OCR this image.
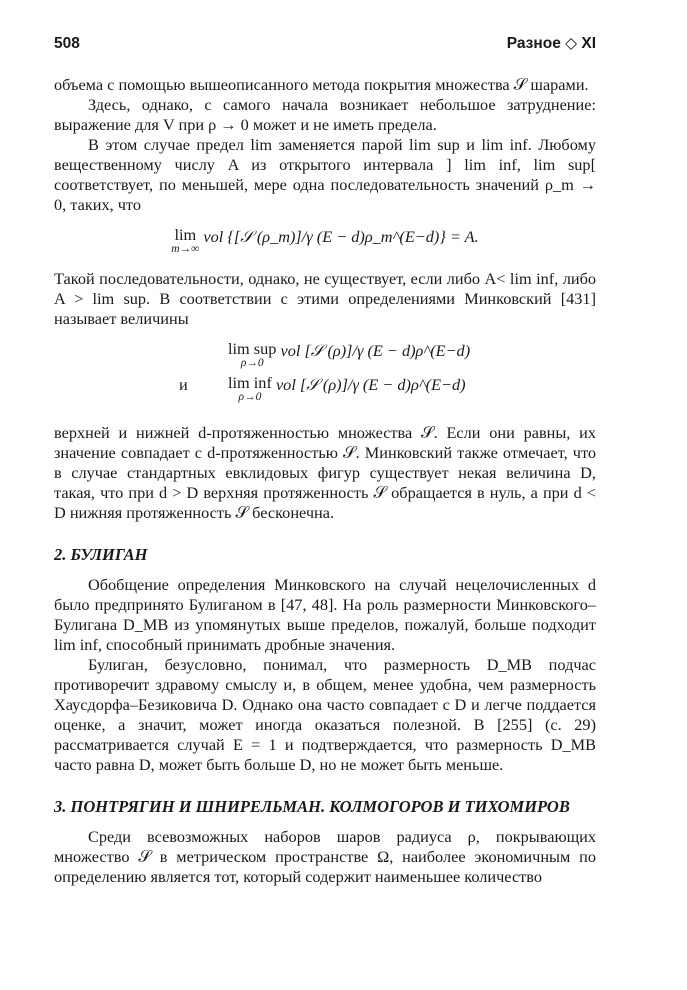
508	Разное ◇ XI

объема с помощью вышеописанного метода покрытия множества 𝒮 шарами.

Здесь, однако, с самого начала возникает небольшое затруднение: выражение для V при ρ → 0 может и не иметь предела.

В этом случае предел lim заменяется парой lim sup и lim inf. Любому вещественному числу A из открытого интервала ] lim inf, lim sup[ соответствует, по меньшей, мере одна последовательность значений ρ_m → 0, таких, что

lim
m→∞
vol {[𝒮 (ρ_m)]/γ (E − d)ρ_m^(E−d)} = A.

Такой последовательности, однако, не существует, если либо A< lim inf, либо A > lim sup. В соответствии с этими определениями Минковский [431] называет величины

lim sup
ρ→0
vol [𝒮 (ρ)]/γ (E − d)ρ^(E−d)
и lim inf
ρ→0
vol [𝒮 (ρ)]/γ (E − d)ρ^(E−d)

верхней и нижней d-протяженностью множества 𝒮. Если они равны, их значение совпадает с d-протяженностью 𝒮. Минковский также отмечает, что в случае стандартных евклидовых фигур существует некая величина D, такая, что при d > D верхняя протяженность 𝒮 обращается в нуль, а при d < D нижняя протяженность 𝒮 бесконечна.

2. БУЛИГАН

Обобщение определения Минковского на случай нецелочисленных d было предпринято Булиганом в [47, 48]. На роль размерности Минковского–Булигана D_MB из упомянутых выше пределов, пожалуй, больше подходит lim inf, способный принимать дробные значения.

Булиган, безусловно, понимал, что размерность D_MB подчас противоречит здравому смыслу и, в общем, менее удобна, чем размерность Хаусдорфа–Безиковича D. Однако она часто совпадает с D и легче поддается оценке, а значит, может иногда оказаться полезной. В [255] (с. 29) рассматривается случай E = 1 и подтверждается, что размерность D_MB часто равна D, может быть больше D, но не может быть меньше.

3. ПОНТРЯГИН И ШНИРЕЛЬМАН. КОЛМОГОРОВ И ТИХОМИРОВ

Среди всевозможных наборов шаров радиуса ρ, покрывающих множество 𝒮 в метрическом пространстве Ω, наиболее экономичным по определению является тот, который содержит наименьшее количество
